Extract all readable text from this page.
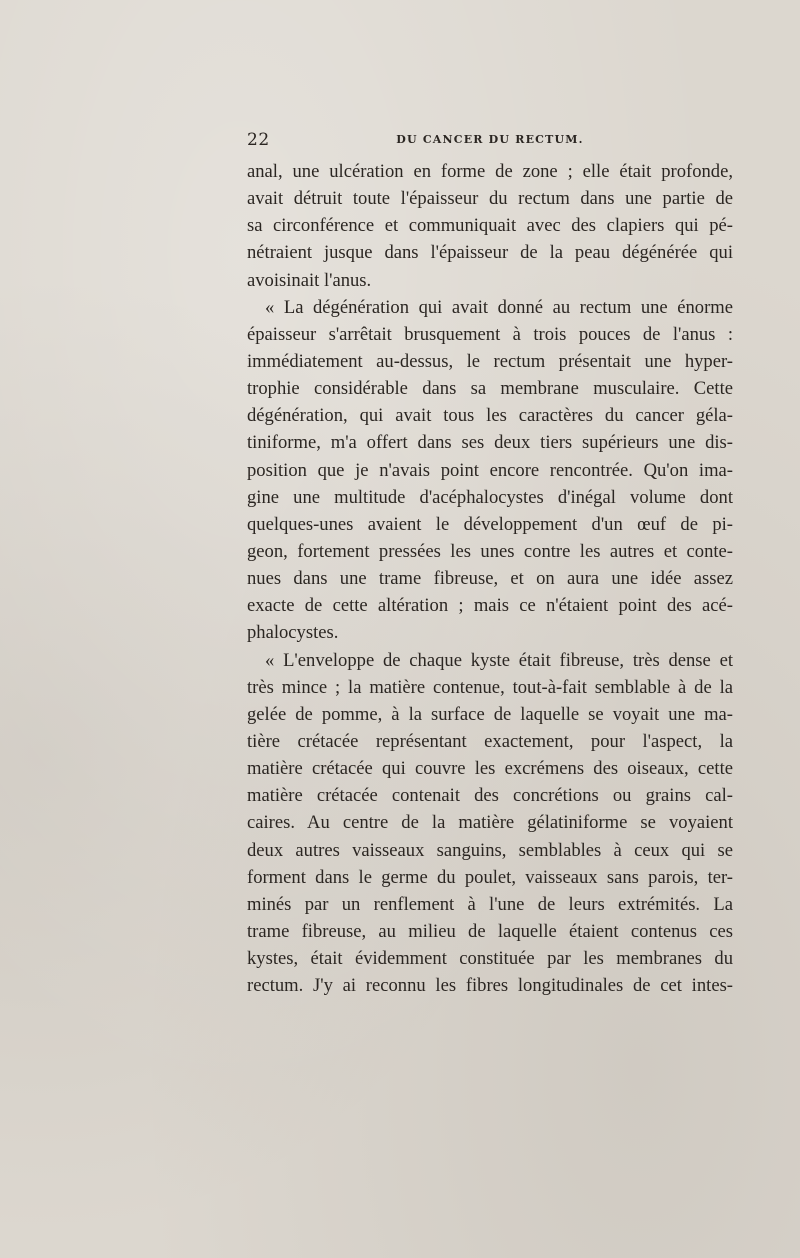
22	DU CANCER DU RECTUM.
anal, une ulcération en forme de zone ; elle était profonde,
avait détruit toute l'épaisseur du rectum dans une partie de
sa circonférence et communiquait avec des clapiers qui pé-
nétraient jusque dans l'épaisseur de la peau dégénérée qui
avoisinait l'anus.
« La dégénération qui avait donné au rectum une énorme
épaisseur s'arrêtait brusquement à trois pouces de l'anus :
immédiatement au-dessus, le rectum présentait une hyper-
trophie considérable dans sa membrane musculaire. Cette
dégénération, qui avait tous les caractères du cancer géla-
tiniforme, m'a offert dans ses deux tiers supérieurs une dis-
position que je n'avais point encore rencontrée. Qu'on ima-
gine une multitude d'acéphalocystes d'inégal volume dont
quelques-unes avaient le développement d'un œuf de pi-
geon, fortement pressées les unes contre les autres et conte-
nues dans une trame fibreuse, et on aura une idée assez
exacte de cette altération ; mais ce n'étaient point des acé-
phalocystes.
« L'enveloppe de chaque kyste était fibreuse, très dense et
très mince ; la matière contenue, tout-à-fait semblable à de la
gelée de pomme, à la surface de laquelle se voyait une ma-
tière crétacée représentant exactement, pour l'aspect, la
matière crétacée qui couvre les excrémens des oiseaux, cette
matière crétacée contenait des concrétions ou grains cal-
caires. Au centre de la matière gélatiniforme se voyaient
deux autres vaisseaux sanguins, semblables à ceux qui se
forment dans le germe du poulet, vaisseaux sans parois, ter-
minés par un renflement à l'une de leurs extrémités. La
trame fibreuse, au milieu de laquelle étaient contenus ces
kystes, était évidemment constituée par les membranes du
rectum. J'y ai reconnu les fibres longitudinales de cet intes-
